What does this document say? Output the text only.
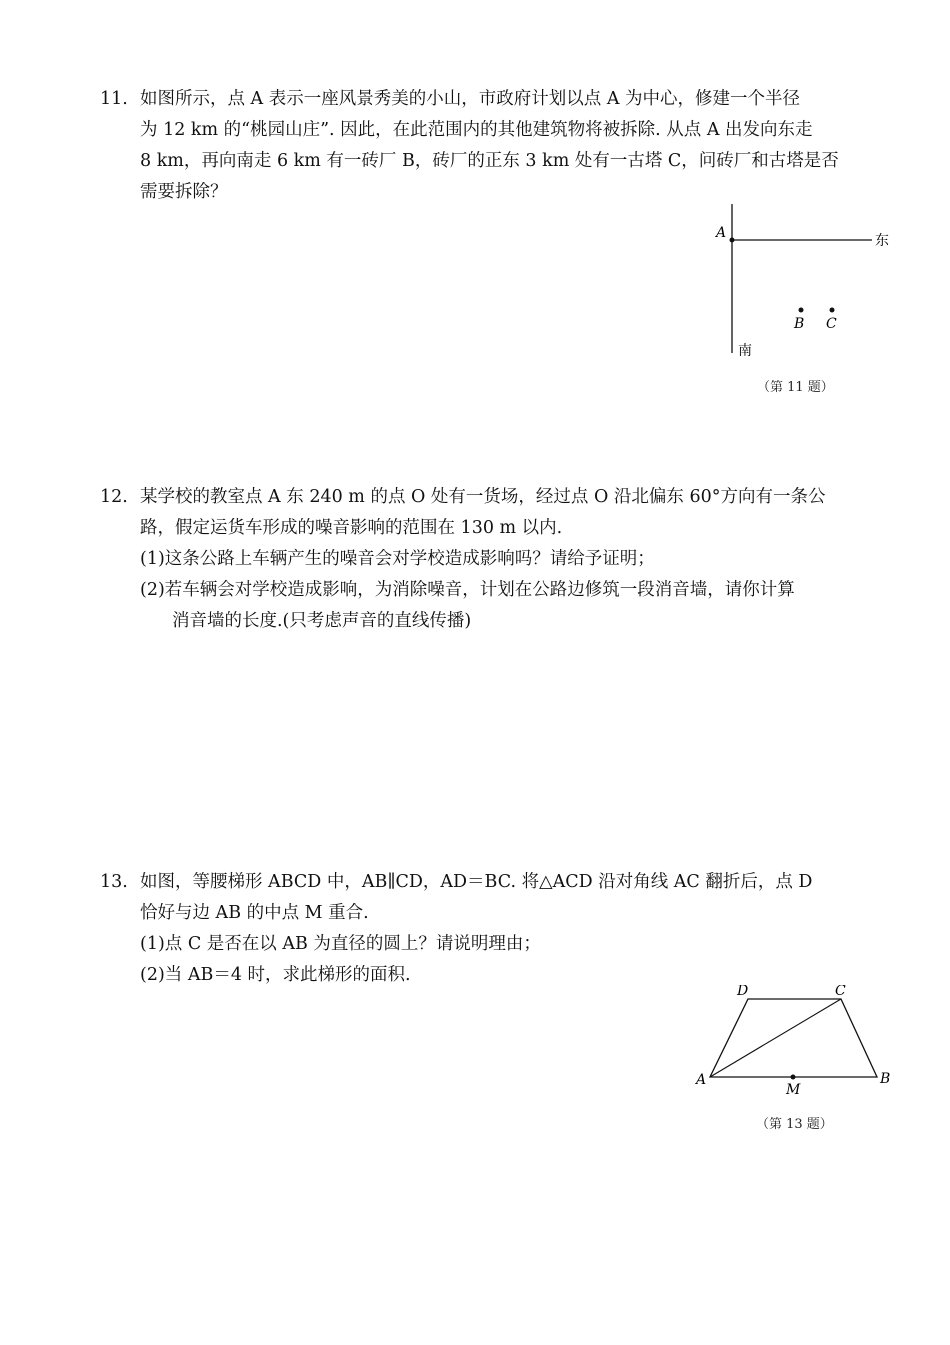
11. 如图所示，点 A 表示一座风景秀美的小山，市政府计划以点 A 为中心，修建一个半径
为 12 km 的“桃园山庄”. 因此，在此范围内的其他建筑物将被拆除. 从点 A 出发向东走
8 km，再向南走 6 km 有一砖厂 B，砖厂的正东 3 km 处有一古塔 C，问砖厂和古塔是否
需要拆除？
A
B C
东
南
（第 11 题）
12. 某学校的教室点 A 东 240 m 的点 O 处有一货场，经过点 O 沿北偏东 60°方向有一条公
路，假定运货车形成的噪音影响的范围在 130 m 以内.
(1)这条公路上车辆产生的噪音会对学校造成影响吗？请给予证明；
(2)若车辆会对学校造成影响，为消除噪音，计划在公路边修筑一段消音墙，请你计算
消音墙的长度.(只考虑声音的直线传播)
13. 如图，等腰梯形 ABCD 中，AB∥CD，AD＝BC. 将△ACD 沿对角线 AC 翻折后，点 D
恰好与边 AB 的中点 M 重合.
(1)点 C 是否在以 AB 为直径的圆上？请说明理由；
(2)当 AB＝4 时，求此梯形的面积.
A	B
C
D
M
（第 13 题）
